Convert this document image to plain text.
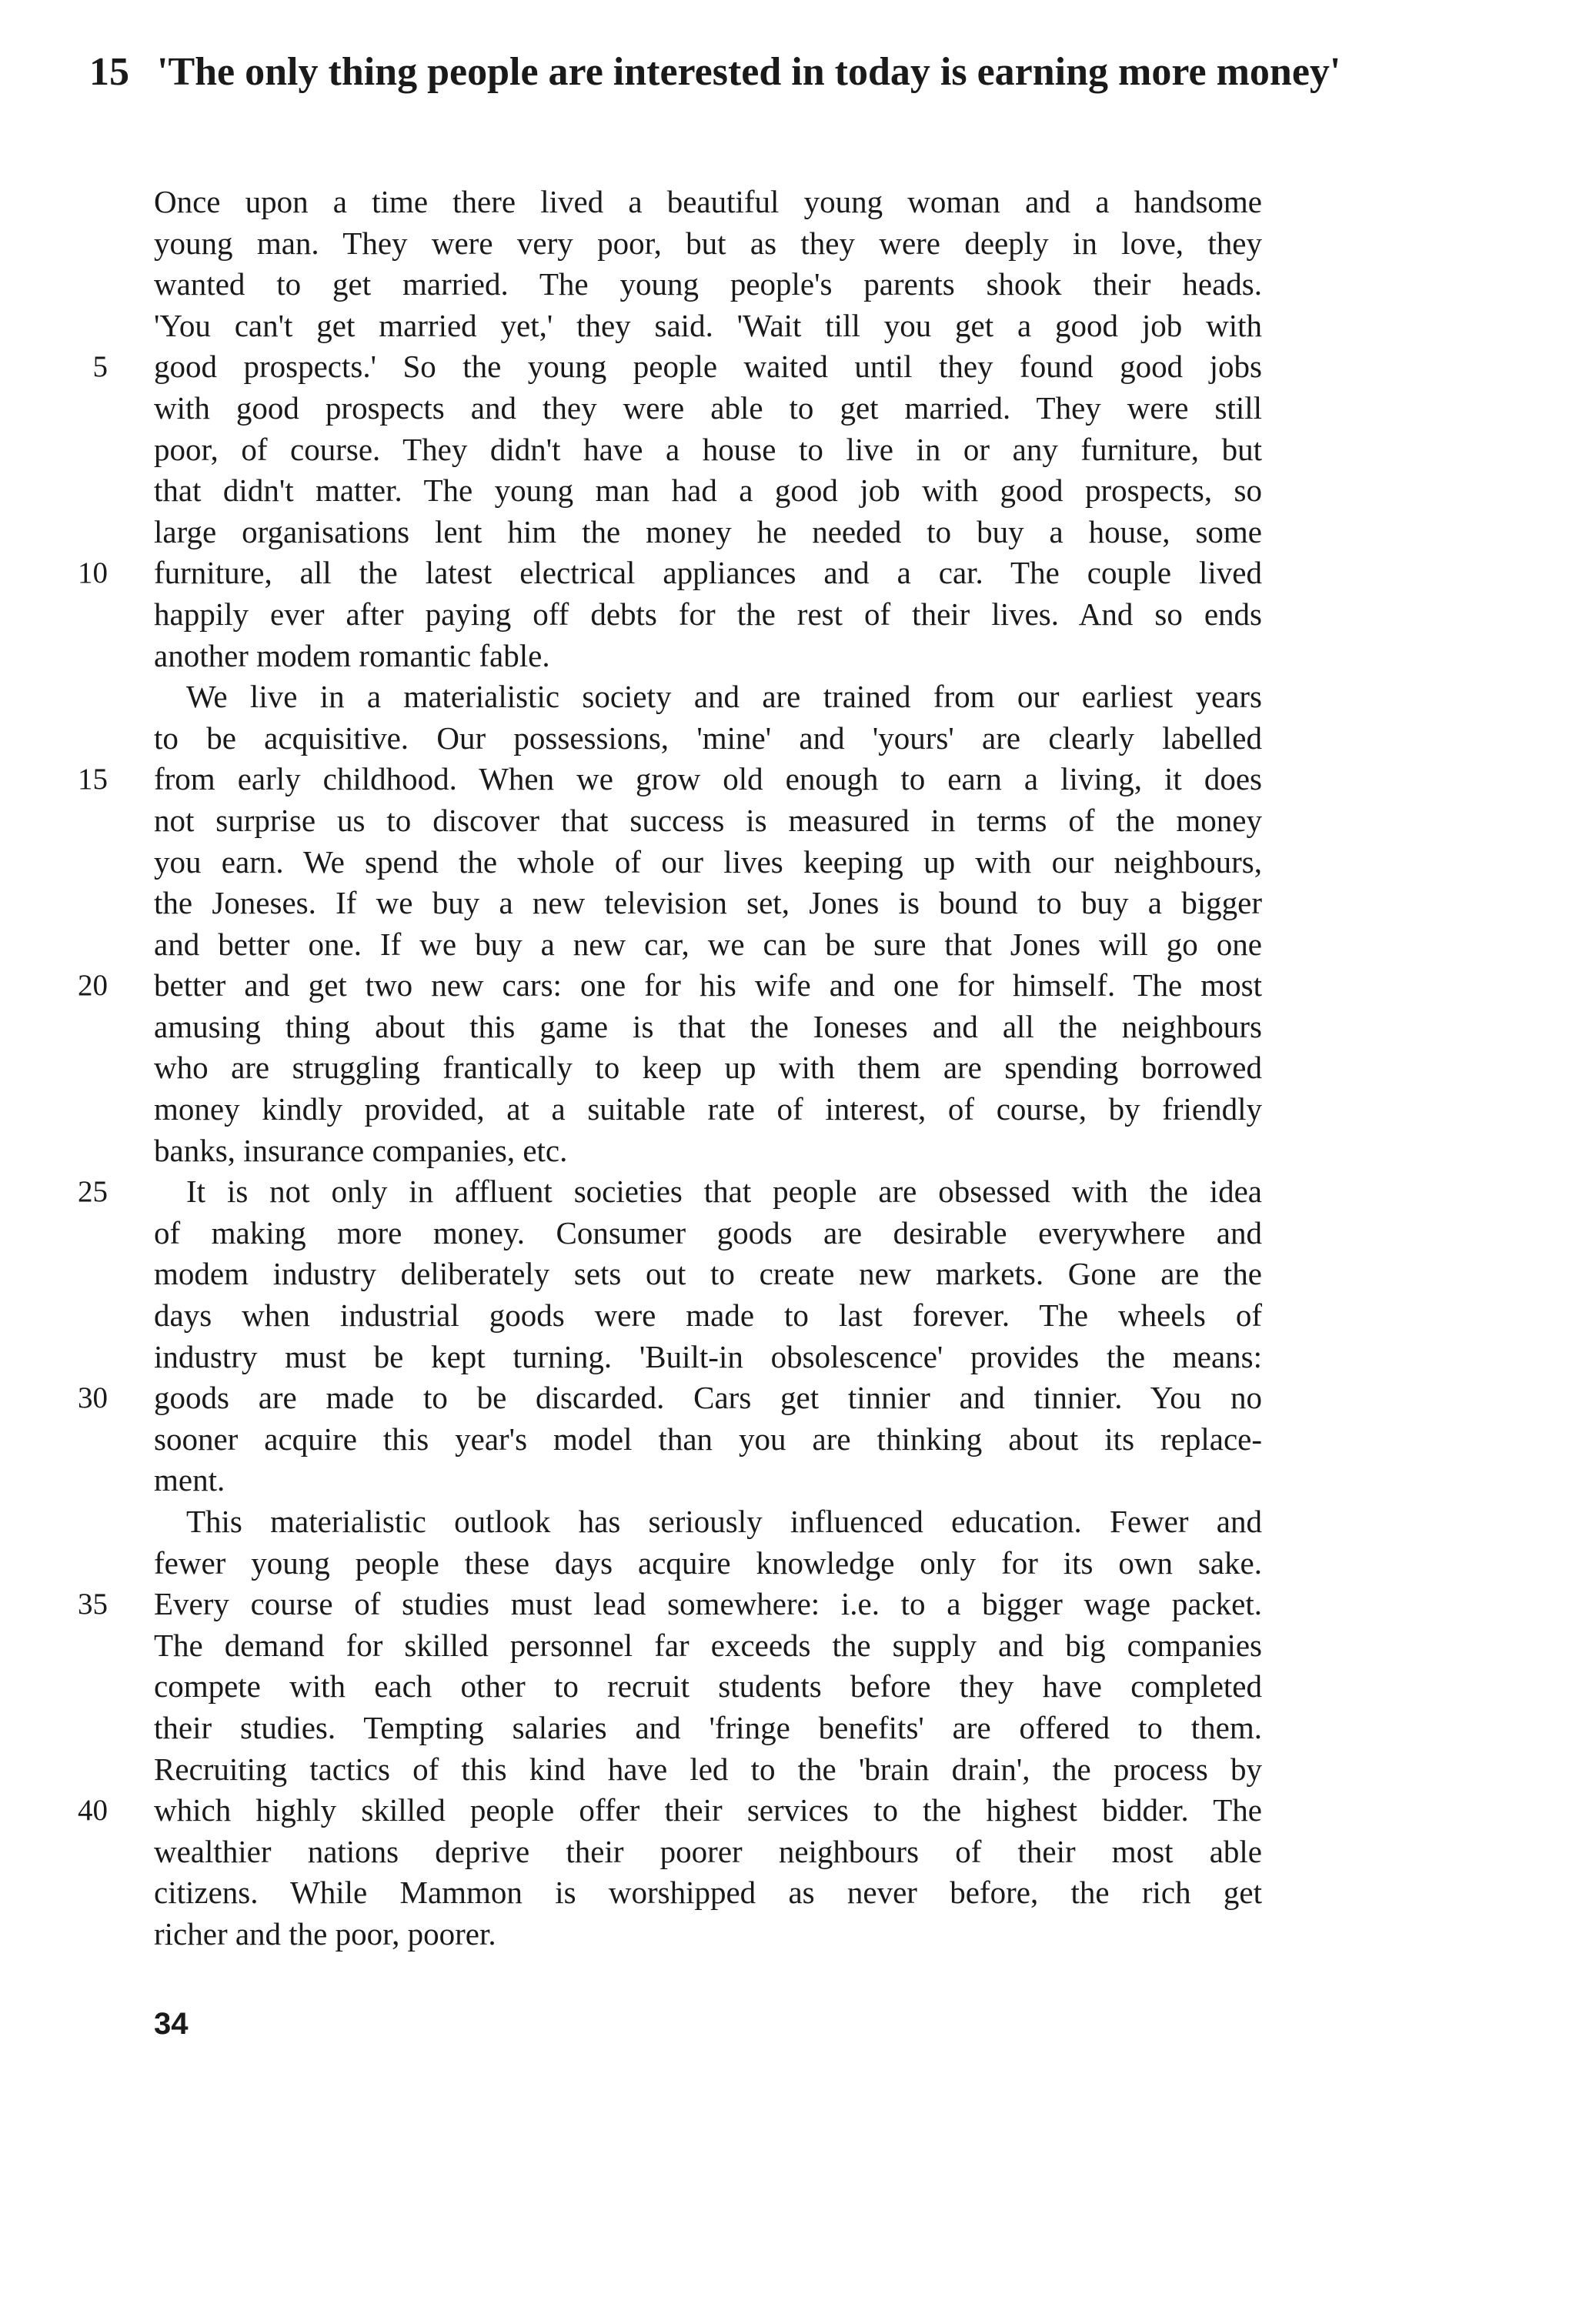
15 'The only thing people are interested in today is earning more money'
Once upon a time there lived a beautiful young woman and a handsome
young man. They were very poor, but as they were deeply in love, they
wanted to get married. The young people's parents shook their heads.
'You can't get married yet,' they said. 'Wait till you get a good job with
5 good prospects.' So the young people waited until they found good jobs
with good prospects and they were able to get married. They were still
poor, of course. They didn't have a house to live in or any furniture, but
that didn't matter. The young man had a good job with good prospects, so
large organisations lent him the money he needed to buy a house, some
10 furniture, all the latest electrical appliances and a car. The couple lived
happily ever after paying off debts for the rest of their lives. And so ends
another modem romantic fable.
We live in a materialistic society and are trained from our earliest years
to be acquisitive. Our possessions, 'mine' and 'yours' are clearly labelled
15 from early childhood. When we grow old enough to earn a living, it does
not surprise us to discover that success is measured in terms of the money
you earn. We spend the whole of our lives keeping up with our neighbours,
the Joneses. If we buy a new television set, Jones is bound to buy a bigger
and better one. If we buy a new car, we can be sure that Jones will go one
20 better and get two new cars: one for his wife and one for himself. The most
amusing thing about this game is that the Ioneses and all the neighbours
who are struggling frantically to keep up with them are spending borrowed
money kindly provided, at a suitable rate of interest, of course, by friendly
banks, insurance companies, etc.
25	It is not only in affluent societies that people are obsessed with the idea
of making more money. Consumer goods are desirable everywhere and
modem industry deliberately sets out to create new markets. Gone are the
days when industrial goods were made to last forever. The wheels of
industry must be kept turning. 'Built-in obsolescence' provides the means:
30 goods are made to be discarded. Cars get tinnier and tinnier. You no
sooner acquire this year's model than you are thinking about its replace-
ment.
This materialistic outlook has seriously influenced education. Fewer and
fewer young people these days acquire knowledge only for its own sake.
35 Every course of studies must lead somewhere: i.e. to a bigger wage packet.
The demand for skilled personnel far exceeds the supply and big companies
compete with each other to recruit students before they have completed
their studies. Tempting salaries and 'fringe benefits' are offered to them.
Recruiting tactics of this kind have led to the 'brain drain', the process by
40 which highly skilled people offer their services to the highest bidder. The
wealthier nations deprive their poorer neighbours of their most able
citizens. While Mammon is worshipped as never before, the rich get
richer and the poor, poorer.
34
